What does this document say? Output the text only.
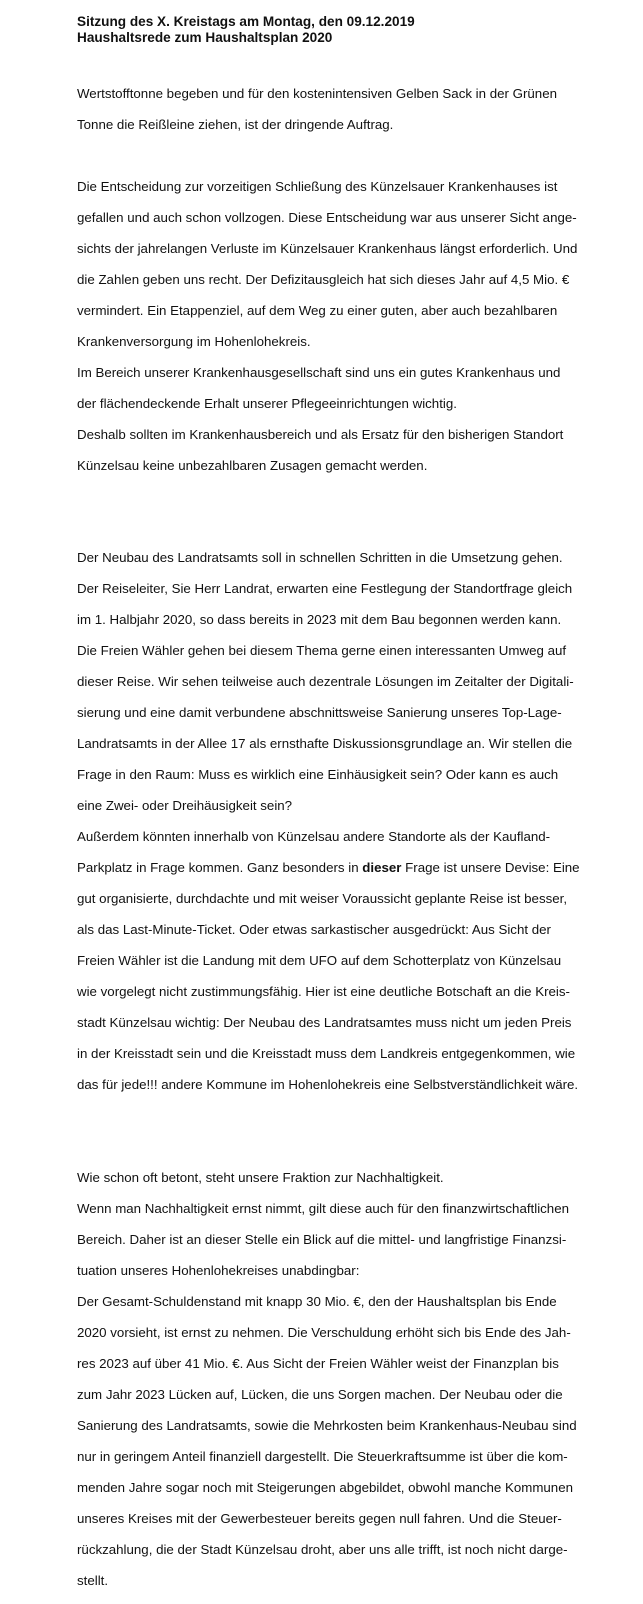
Sitzung des X. Kreistags am Montag, den 09.12.2019

Haushaltsrede zum Haushaltsplan 2020

Wertstofftonne begeben und für den kostenintensiven Gelben Sack in der Grünen

Tonne die Reißleine ziehen, ist der dringende Auftrag.

Die Entscheidung zur vorzeitigen Schließung des Künzelsauer Krankenhauses ist

gefallen und auch schon vollzogen. Diese Entscheidung war aus unserer Sicht ange-

sichts der jahrelangen Verluste im Künzelsauer Krankenhaus längst erforderlich. Und

die Zahlen geben uns recht. Der Defizitausgleich hat sich dieses Jahr auf 4,5 Mio. €

vermindert. Ein Etappenziel, auf dem Weg zu einer guten, aber auch bezahlbaren

Krankenversorgung im Hohenlohekreis.

Im Bereich unserer Krankenhausgesellschaft sind uns ein gutes Krankenhaus und

der flächendeckende Erhalt unserer Pflegeeinrichtungen wichtig.

Deshalb sollten im Krankenhausbereich und als Ersatz für den bisherigen Standort

Künzelsau keine unbezahlbaren Zusagen gemacht werden.

Der Neubau des Landratsamts soll in schnellen Schritten in die Umsetzung gehen.

Der Reiseleiter, Sie Herr Landrat, erwarten eine Festlegung der Standortfrage gleich

im 1. Halbjahr 2020, so dass bereits in 2023 mit dem Bau begonnen werden kann.

Die Freien Wähler gehen bei diesem Thema gerne einen interessanten Umweg auf

dieser Reise. Wir sehen teilweise auch dezentrale Lösungen im Zeitalter der Digitali-

sierung und eine damit verbundene abschnittsweise Sanierung unseres Top-Lage-

Landratsamts in der Allee 17 als ernsthafte Diskussionsgrundlage an. Wir stellen die

Frage in den Raum: Muss es wirklich eine Einhäusigkeit sein? Oder kann es auch

eine Zwei- oder Dreihäusigkeit sein?

Außerdem könnten innerhalb von Künzelsau andere Standorte als der Kaufland-

Parkplatz in Frage kommen. Ganz besonders in dieser Frage ist unsere Devise: Eine

gut organisierte, durchdachte und mit weiser Voraussicht geplante Reise ist besser,

als das Last-Minute-Ticket. Oder etwas sarkastischer ausgedrückt: Aus Sicht der

Freien Wähler ist die Landung mit dem UFO auf dem Schotterplatz von Künzelsau

wie vorgelegt nicht zustimmungsfähig. Hier ist eine deutliche Botschaft an die Kreis-

stadt Künzelsau wichtig: Der Neubau des Landratsamtes muss nicht um jeden Preis

in der Kreisstadt sein und die Kreisstadt muss dem Landkreis entgegenkommen, wie

das für jede!!! andere Kommune im Hohenlohekreis eine Selbstverständlichkeit wäre.

Wie schon oft betont, steht unsere Fraktion zur Nachhaltigkeit.

Wenn man Nachhaltigkeit ernst nimmt, gilt diese auch für den finanzwirtschaftlichen

Bereich. Daher ist an dieser Stelle ein Blick auf die mittel- und langfristige Finanzsi-

tuation unseres Hohenlohekreises unabdingbar:

Der Gesamt-Schuldenstand mit knapp 30 Mio. €, den der Haushaltsplan bis Ende

2020 vorsieht, ist ernst zu nehmen. Die Verschuldung erhöht sich bis Ende des Jah-

res 2023 auf über 41 Mio. €. Aus Sicht der Freien Wähler weist der Finanzplan bis

zum Jahr 2023 Lücken auf, Lücken, die uns Sorgen machen. Der Neubau oder die

Sanierung des Landratsamts, sowie die Mehrkosten beim Krankenhaus-Neubau sind

nur in geringem Anteil finanziell dargestellt. Die Steuerkraftsumme ist über die kom-

menden Jahre sogar noch mit Steigerungen abgebildet, obwohl manche Kommunen

unseres Kreises mit der Gewerbesteuer bereits gegen null fahren. Und die Steuer-

rückzahlung, die der Stadt Künzelsau droht, aber uns alle trifft, ist noch nicht darge-

stellt.
